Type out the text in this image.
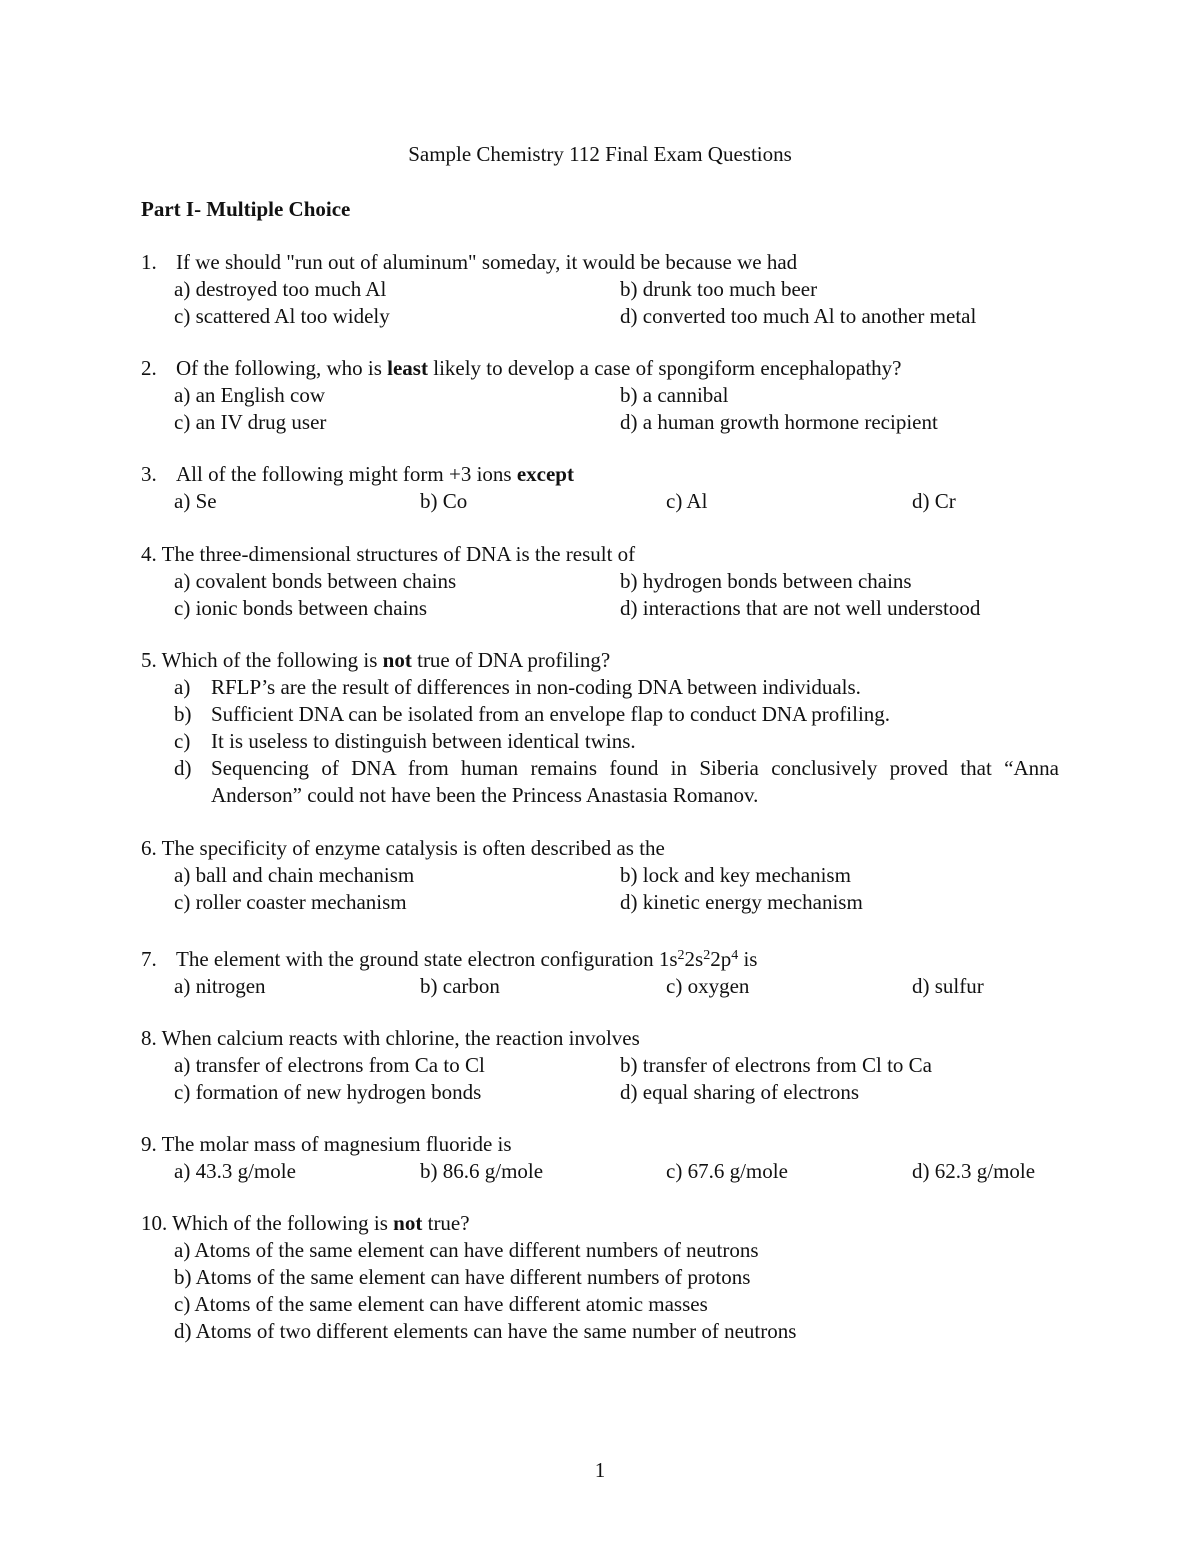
Sample Chemistry 112 Final Exam Questions
Part I- Multiple Choice
1. If we should "run out of aluminum" someday, it would be because we had
a) destroyed too much Al	b) drunk too much beer
c) scattered Al too widely	d) converted too much Al to another metal
2. Of the following, who is least likely to develop a case of spongiform encephalopathy?
a) an English cow	b) a cannibal
c) an IV drug user	d) a human growth hormone recipient
3. All of the following might form +3 ions except
a) Se	b) Co	c) Al	d) Cr
4. The three-dimensional structures of DNA is the result of
a) covalent bonds between chains	b) hydrogen bonds between chains
c) ionic bonds between chains	d) interactions that are not well understood
5. Which of the following is not true of DNA profiling?
a) RFLP’s are the result of differences in non-coding DNA between individuals.
b) Sufficient DNA can be isolated from an envelope flap to conduct DNA profiling.
c) It is useless to distinguish between identical twins.
d) Sequencing of DNA from human remains found in Siberia conclusively proved that “Anna Anderson” could not have been the Princess Anastasia Romanov.
6. The specificity of enzyme catalysis is often described as the
a) ball and chain mechanism	b) lock and key mechanism
c) roller coaster mechanism	d) kinetic energy mechanism
7. The element with the ground state electron configuration $1s^22s^22p^4$ is
a) nitrogen	b) carbon	c) oxygen	d) sulfur
8. When calcium reacts with chlorine, the reaction involves
a) transfer of electrons from Ca to Cl	b) transfer of electrons from Cl to Ca
c) formation of new hydrogen bonds	d) equal sharing of electrons
9. The molar mass of magnesium fluoride is
a) 43.3 g/mole	b) 86.6 g/mole	c) 67.6 g/mole	d) 62.3 g/mole
10. Which of the following is not true?
a) Atoms of the same element can have different numbers of neutrons
b) Atoms of the same element can have different numbers of protons
c) Atoms of the same element can have different atomic masses
d) Atoms of two different elements can have the same number of neutrons
1
